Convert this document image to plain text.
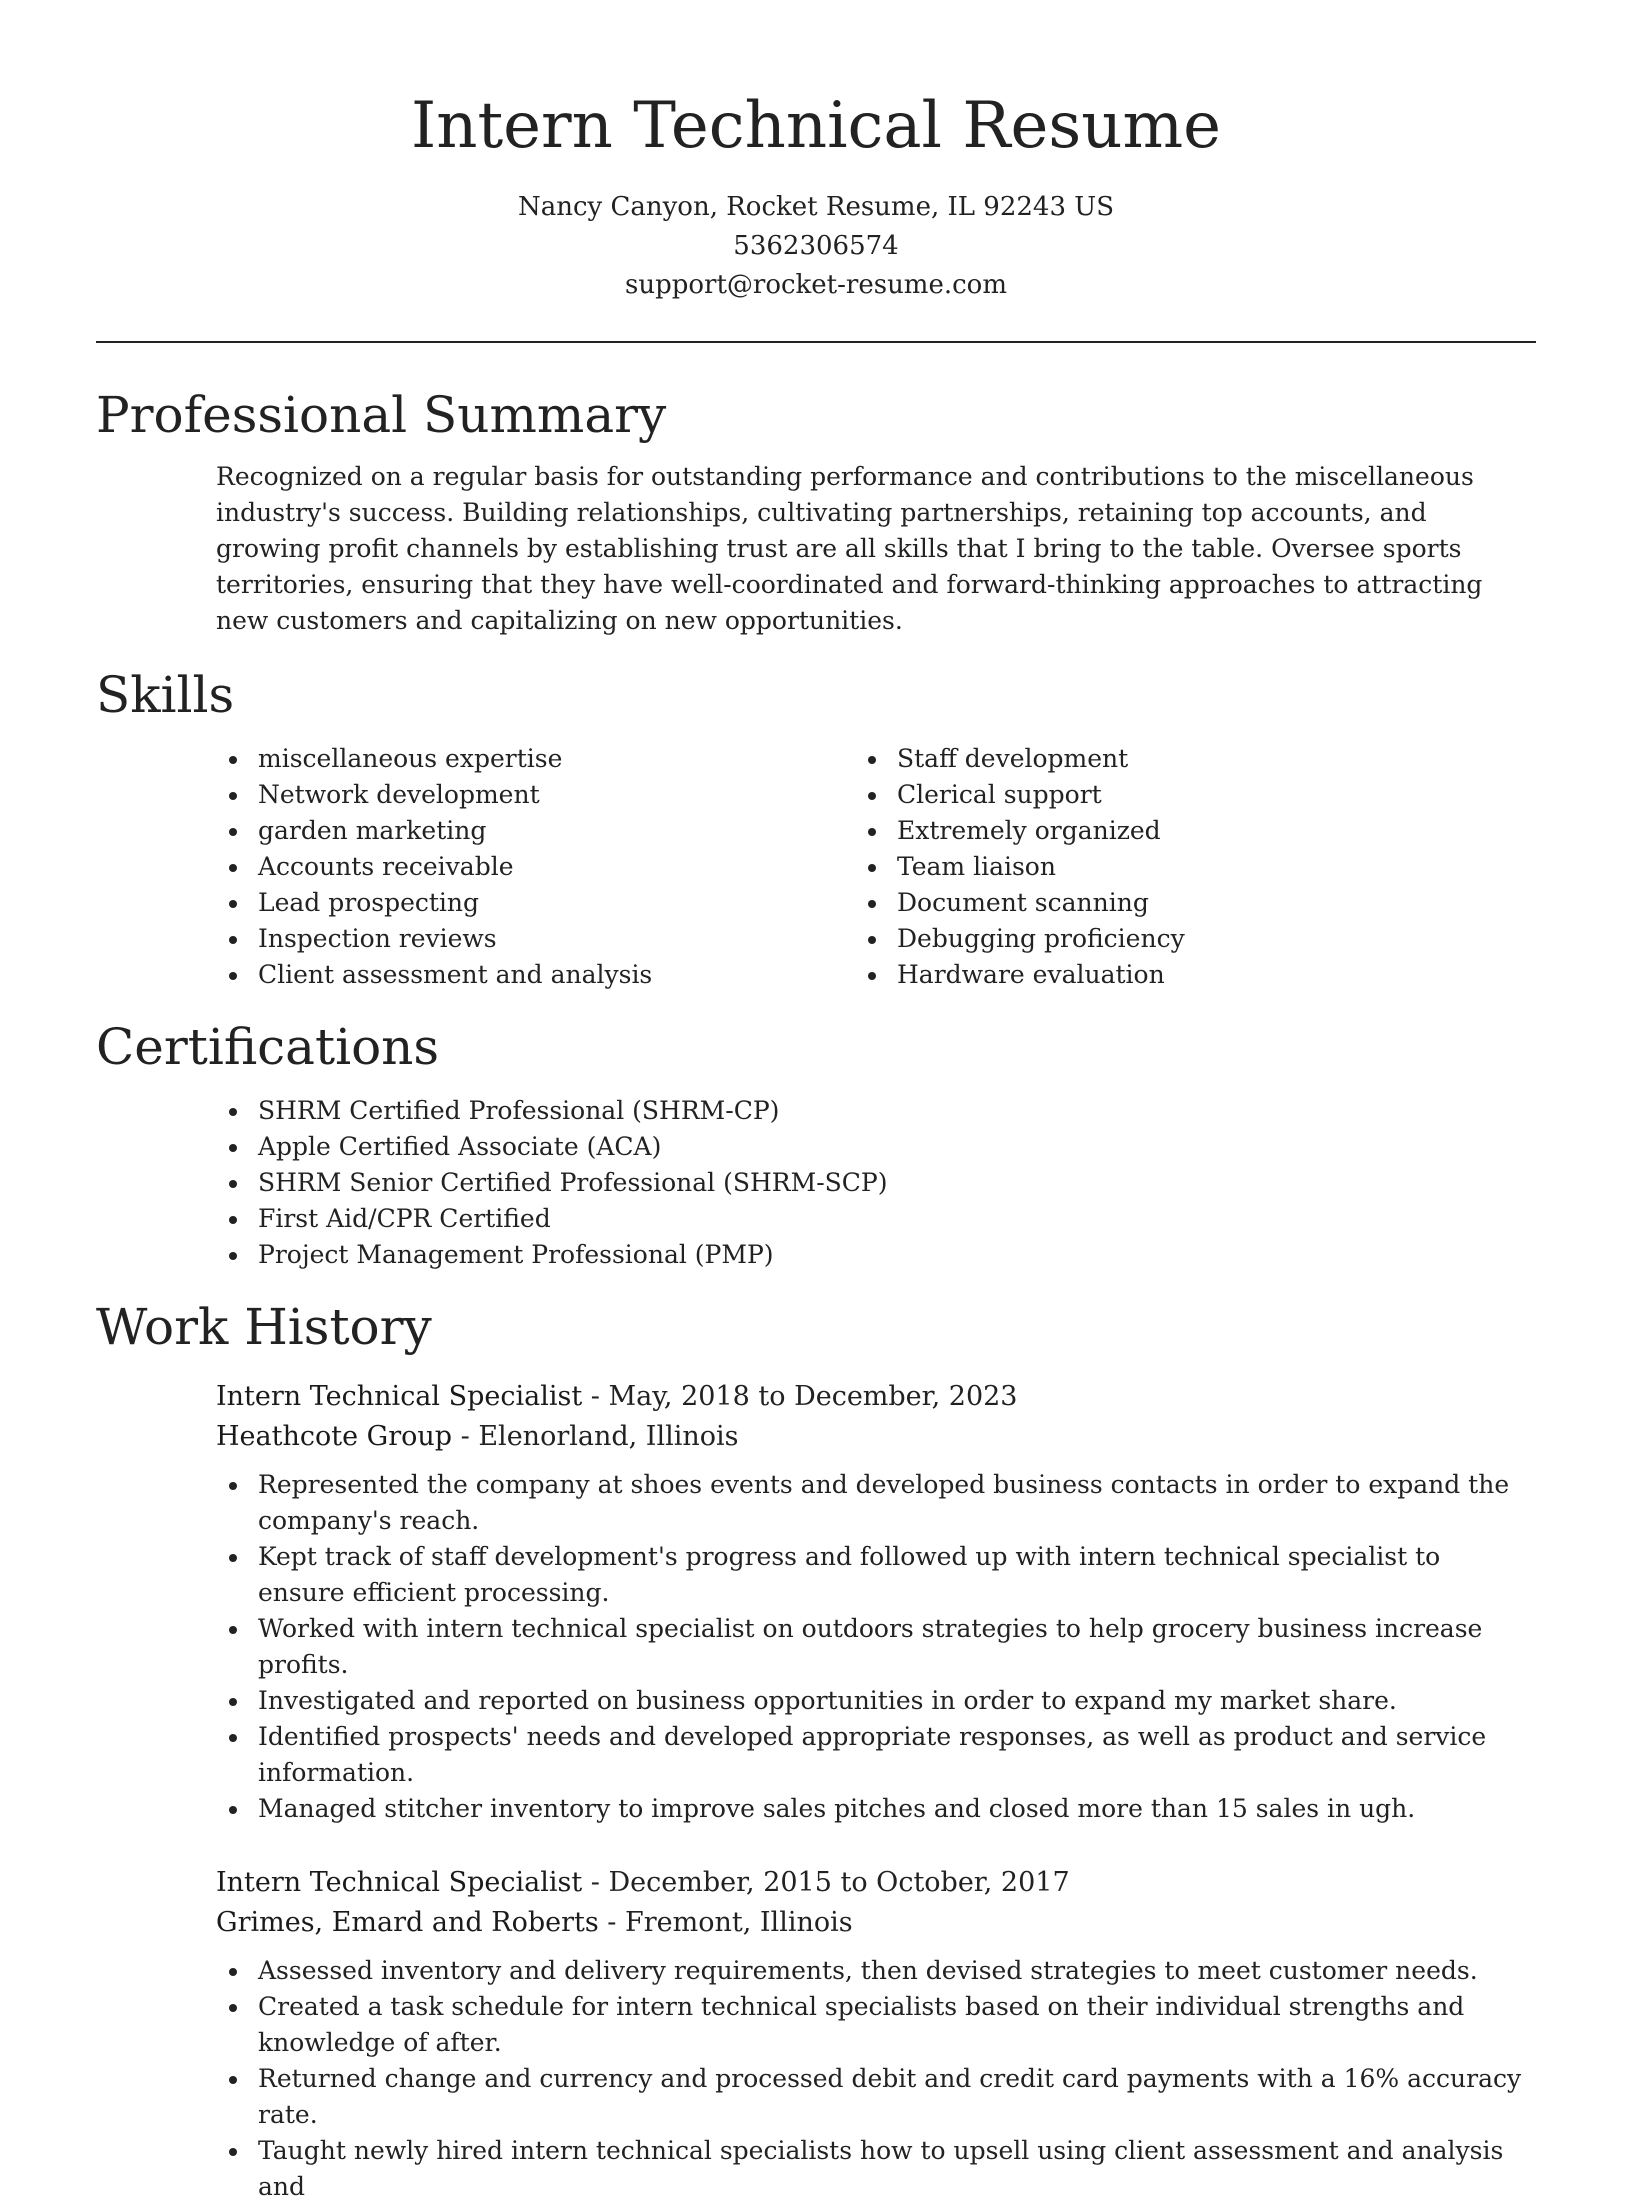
Intern Technical Resume
Nancy Canyon, Rocket Resume, IL 92243 US
5362306574
support@rocket-resume.com
Professional Summary

Recognized on a regular basis for outstanding performance and contributions to the miscellaneous industry's success. Building relationships, cultivating partnerships, retaining top accounts, and growing profit channels by establishing trust are all skills that I bring to the table. Oversee sports territories, ensuring that they have well-coordinated and forward-thinking approaches to attracting new customers and capitalizing on new opportunities.

Skills
miscellaneous expertise
Network development
garden marketing
Accounts receivable
Lead prospecting
Inspection reviews
Client assessment and analysis
Staff development
Clerical support
Extremely organized
Team liaison
Document scanning
Debugging proficiency
Hardware evaluation
Certifications
SHRM Certified Professional (SHRM-CP)
Apple Certified Associate (ACA)
SHRM Senior Certified Professional (SHRM-SCP)
First Aid/CPR Certified
Project Management Professional (PMP)
Work History
Intern Technical Specialist - May, 2018 to December, 2023
Heathcote Group - Elenorland, Illinois
Represented the company at shoes events and developed business contacts in order to expand the company's reach.
Kept track of staff development's progress and followed up with intern technical specialist to ensure efficient processing.
Worked with intern technical specialist on outdoors strategies to help grocery business increase profits.
Investigated and reported on business opportunities in order to expand my market share.
Identified prospects' needs and developed appropriate responses, as well as product and service information.
Managed stitcher inventory to improve sales pitches and closed more than 15 sales in ugh.
Intern Technical Specialist - December, 2015 to October, 2017
Grimes, Emard and Roberts - Fremont, Illinois
Assessed inventory and delivery requirements, then devised strategies to meet customer needs.
Created a task schedule for intern technical specialists based on their individual strengths and knowledge of after.
Returned change and currency and processed debit and credit card payments with a 16% accuracy rate.
Taught newly hired intern technical specialists how to upsell using client assessment and analysis and
